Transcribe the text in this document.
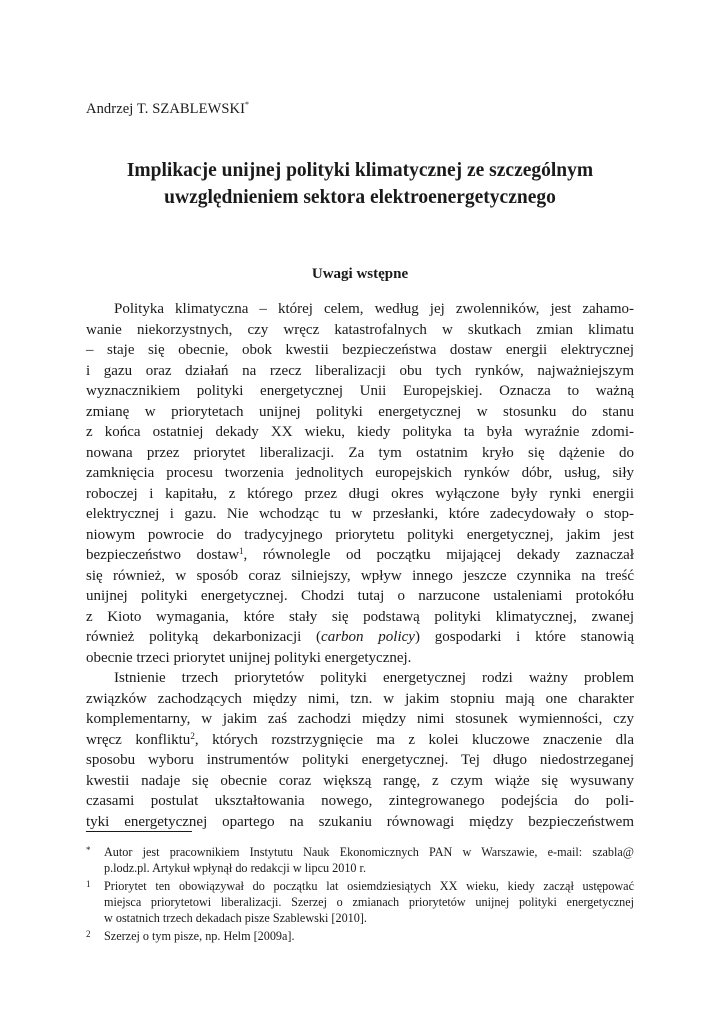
Andrzej T. SZABLEWSKI*
Implikacje unijnej polityki klimatycznej ze szczególnym
uwzględnieniem sektora elektroenergetycznego
Uwagi wstępne
Polityka klimatyczna – której celem, według jej zwolenników, jest zahamo-
wanie niekorzystnych, czy wręcz katastrofalnych w skutkach zmian klimatu
– staje się obecnie, obok kwestii bezpieczeństwa dostaw energii elektrycznej
i gazu oraz działań na rzecz liberalizacji obu tych rynków, najważniejszym
wyznacznikiem polityki energetycznej Unii Europejskiej. Oznacza to ważną
zmianę w priorytetach unijnej polityki energetycznej w stosunku do stanu
z końca ostatniej dekady XX wieku, kiedy polityka ta była wyraźnie zdomi-
nowana przez priorytet liberalizacji. Za tym ostatnim kryło się dążenie do
zamknięcia procesu tworzenia jednolitych europejskich rynków dóbr, usług, siły
roboczej i kapitału, z którego przez długi okres wyłączone były rynki energii
elektrycznej i gazu. Nie wchodząc tu w przesłanki, które zadecydowały o stop-
niowym powrocie do tradycyjnego priorytetu polityki energetycznej, jakim jest
bezpieczeństwo dostaw$^1$, równolegle od początku mijającej dekady zaznaczał
się również, w sposób coraz silniejszy, wpływ innego jeszcze czynnika na treść
unijnej polityki energetycznej. Chodzi tutaj o narzucone ustaleniami protokółu
z Kioto wymagania, które stały się podstawą polityki klimatycznej, zwanej
również polityką dekarbonizacji (carbon policy) gospodarki i które stanowią
obecnie trzeci priorytet unijnej polityki energetycznej.
Istnienie trzech priorytetów polityki energetycznej rodzi ważny problem
związków zachodzących między nimi, tzn. w jakim stopniu mają one charakter
komplementarny, w jakim zaś zachodzi między nimi stosunek wymienności, czy
wręcz konfliktu$^2$, których rozstrzygnięcie ma z kolei kluczowe znaczenie dla
sposobu wyboru instrumentów polityki energetycznej. Tej długo niedostrzeganej
kwestii nadaje się obecnie coraz większą rangę, z czym wiąże się wysuwany
czasami postulat ukształtowania nowego, zintegrowanego podejścia do poli-
tyki energetycznej opartego na szukaniu równowagi między bezpieczeństwem
* Autor jest pracownikiem Instytutu Nauk Ekonomicznych PAN w Warszawie, e-mail: szabla@
p.lodz.pl. Artykuł wpłynął do redakcji w lipcu 2010 r.
1 Priorytet ten obowiązywał do początku lat osiemdziesiątych XX wieku, kiedy zaczął ustępować
miejsca priorytetowi liberalizacji. Szerzej o zmianach priorytetów unijnej polityki energetycznej
w ostatnich trzech dekadach pisze Szablewski [2010].
2 Szerzej o tym pisze, np. Helm [2009a].
